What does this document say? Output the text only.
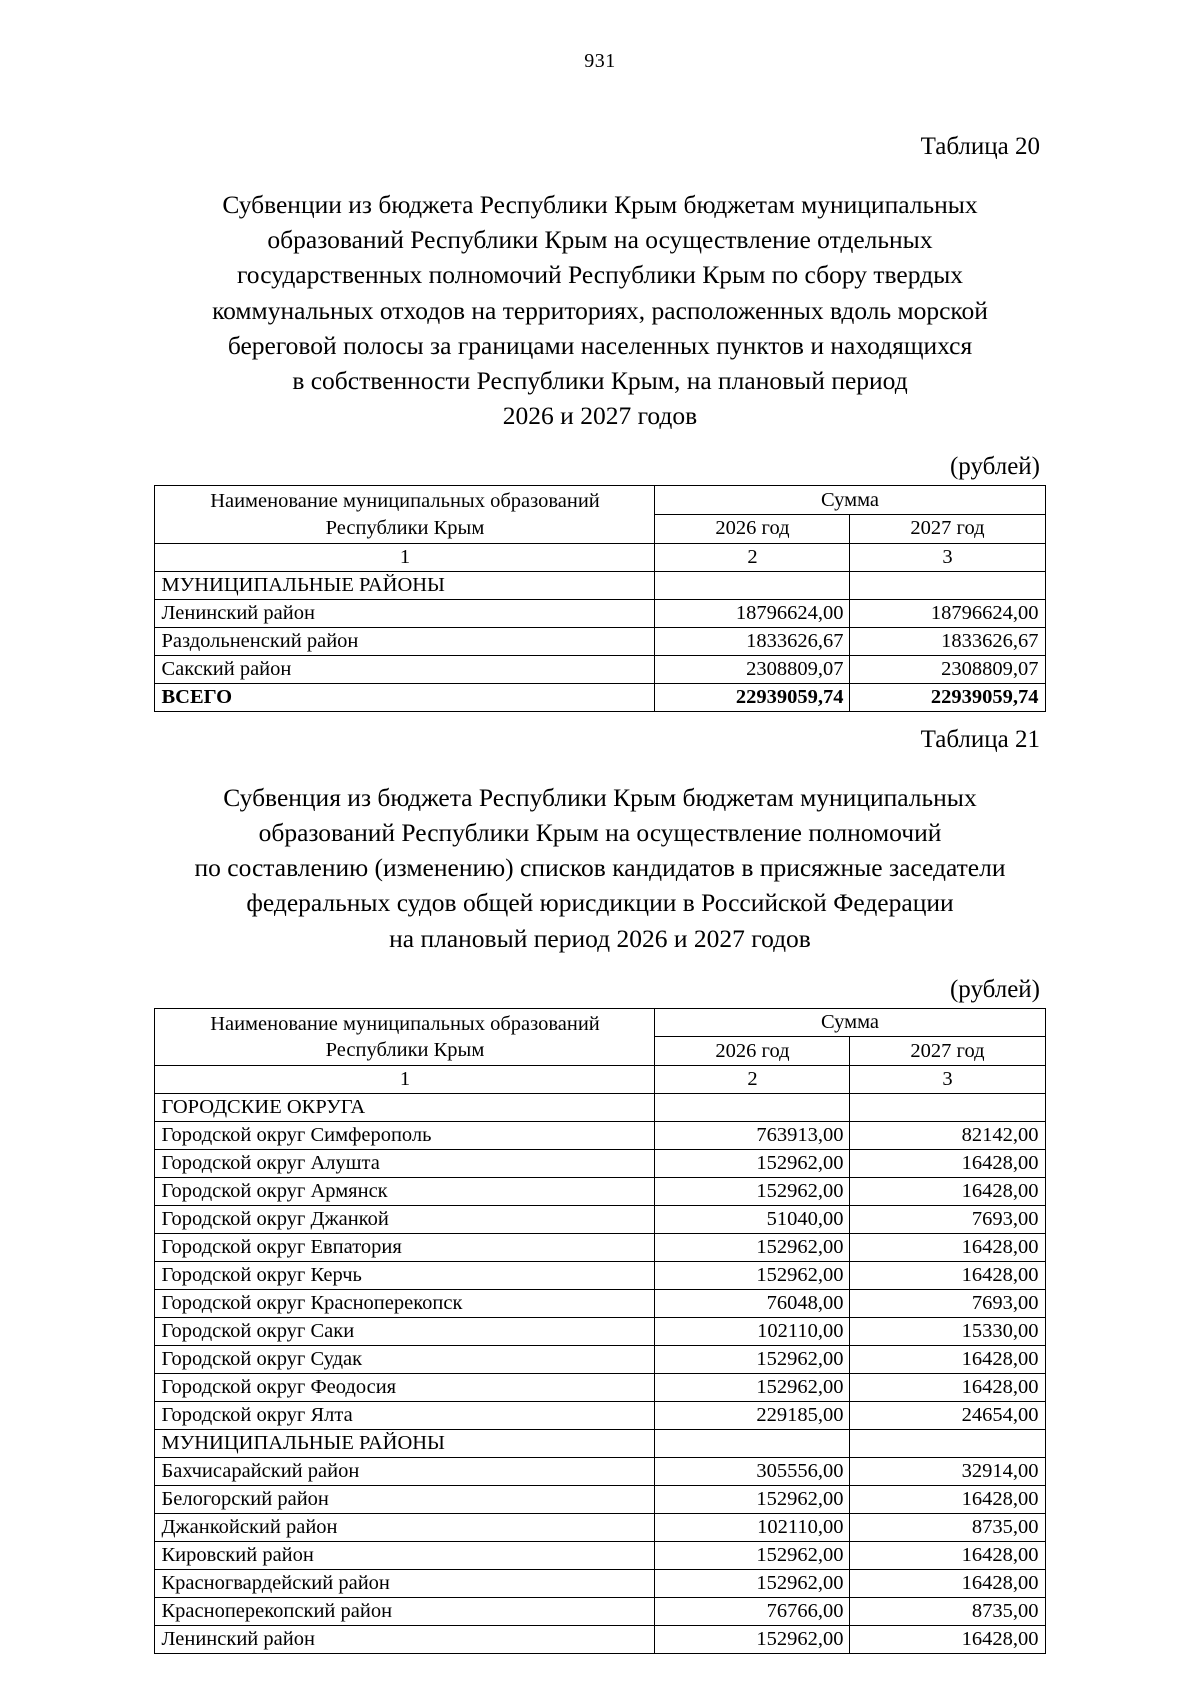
931
Таблица 20
Субвенции из бюджета Республики Крым бюджетам муниципальных
образований Республики Крым на осуществление отдельных
государственных полномочий Республики Крым по сбору твердых
коммунальных отходов на территориях, расположенных вдоль морской
береговой полосы за границами населенных пунктов и находящихся
в собственности Республики Крым, на плановый период
2026 и 2027 годов
(рублей)
Наименование муниципальных образований
Республики Крым	Сумма	
	2026 год	2027 год
1	2	3
МУНИЦИПАЛЬНЫЕ РАЙОНЫ		
Ленинский район	18796624,00	18796624,00
Раздольненский район	1833626,67	1833626,67
Сакский район	2308809,07	2308809,07
ВСЕГО	22939059,74	22939059,74
Таблица 21
Субвенция из бюджета Республики Крым бюджетам муниципальных
образований Республики Крым на осуществление полномочий
по составлению (изменению) списков кандидатов в присяжные заседатели
федеральных судов общей юрисдикции в Российской Федерации
на плановый период 2026 и 2027 годов
(рублей)
Наименование муниципальных образований
Республики Крым	Сумма	
	2026 год	2027 год
1	2	3
ГОРОДСКИЕ ОКРУГА		
Городской округ Симферополь	763913,00	82142,00
Городской округ Алушта	152962,00	16428,00
Городской округ Армянск	152962,00	16428,00
Городской округ Джанкой	51040,00	7693,00
Городской округ Евпатория	152962,00	16428,00
Городской округ Керчь	152962,00	16428,00
Городской округ Красноперекопск	76048,00	7693,00
Городской округ Саки	102110,00	15330,00
Городской округ Судак	152962,00	16428,00
Городской округ Феодосия	152962,00	16428,00
Городской округ Ялта	229185,00	24654,00
МУНИЦИПАЛЬНЫЕ РАЙОНЫ		
Бахчисарайский район	305556,00	32914,00
Белогорский район	152962,00	16428,00
Джанкойский район	102110,00	8735,00
Кировский район	152962,00	16428,00
Красногвардейский район	152962,00	16428,00
Красноперекопский район	76766,00	8735,00
Ленинский район	152962,00	16428,00
